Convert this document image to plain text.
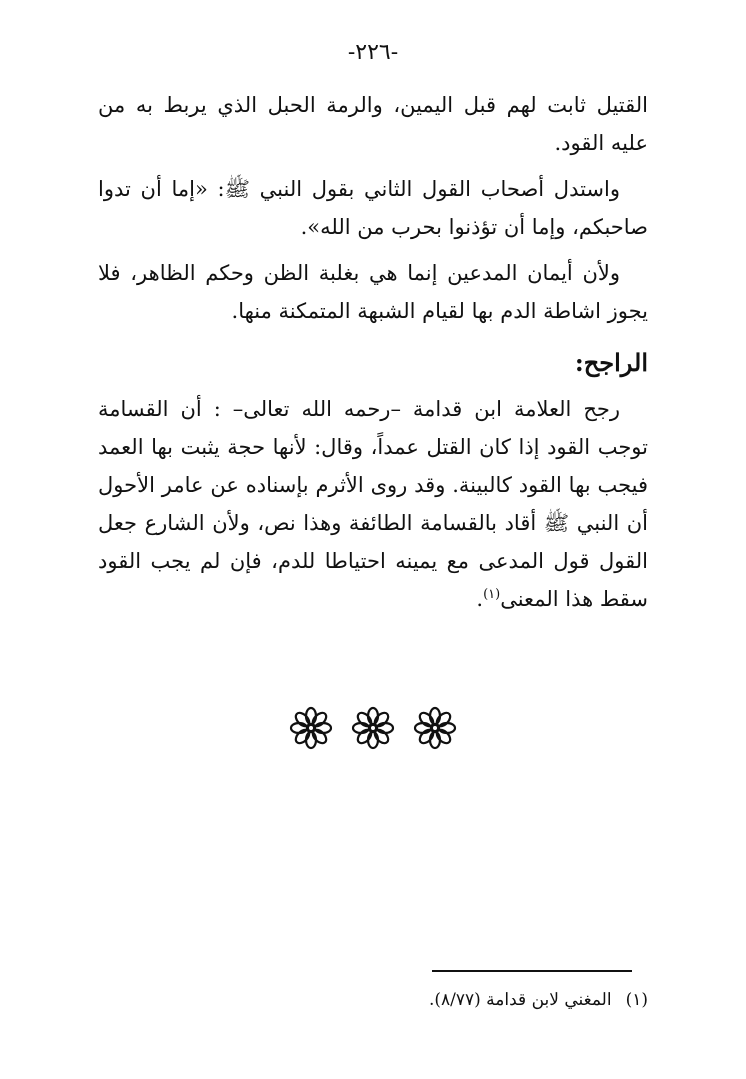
-٢٢٦-

القتيل ثابت لهم قبل اليمين، والرمة الحبل الذي يربط به من عليه القود.

واستدل أصحاب القول الثاني بقول النبي ﷺ: «إما أن تدوا صاحبكم، وإما أن تؤذنوا بحرب من الله».

ولأن أيمان المدعين إنما هي بغلبة الظن وحكم الظاهر، فلا يجوز اشاطة الدم بها لقيام الشبهة المتمكنة منها.

الراجح:

رجح العلامة ابن قدامة –رحمه الله تعالى– : أن القسامة توجب القود إذا كان القتل عمداً، وقال: لأنها حجة يثبت بها العمد فيجب بها القود كالبينة. وقد روى الأثرم بإسناده عن عامر الأحول أن النبي ﷺ أقاد بالقسامة الطائفة وهذا نص، ولأن الشارع جعل القول قول المدعى مع يمينه احتياطا للدم، فإن لم يجب القود سقط هذا المعنى$^{(١)}$.

(١)المغني لابن قدامة (٨/٧٧).
